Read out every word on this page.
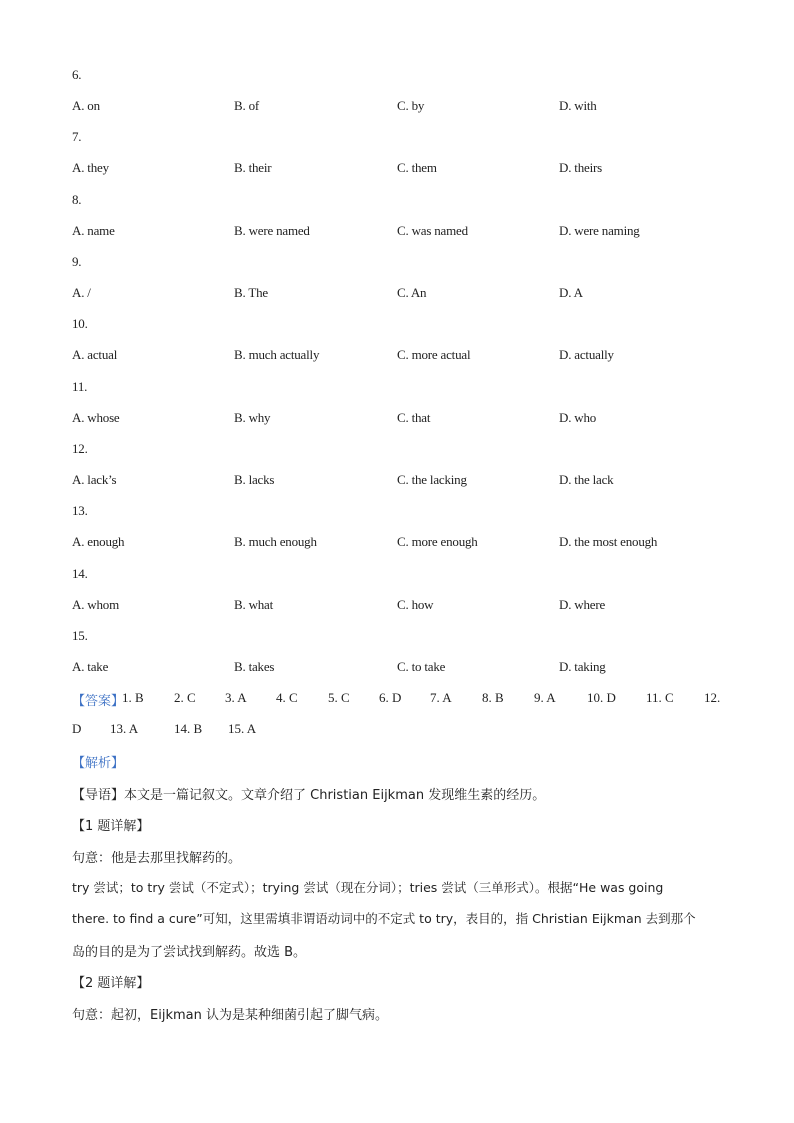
6.
A. on	B. of	C. by	D. with
7.
A. they	B. their	C. them	D. theirs
8.
A. name	B. were named	C. was named	D. were naming
9.
A. /	B. The	C. An	D. A
10.
A. actual	B. much actually	C. more actual	D. actually
11.
A. whose	B. why	C. that	D. who
12.
A. lack’s	B. lacks	C. the lacking	D. the lack
13.
A. enough	B. much enough	C. more enough	D. the most enough
14.
A. whom	B. what	C. how	D. where
15.
A. take	B. takes	C. to take	D. taking
【答案】
1. B 2. C 3. A 4. C 5. C 6. D 7. A 8. B 9. A 10. D 11. C 12.
D 13. A	14. B 15. A
【解析】
【导语】本文是一篇记叙文。文章介绍了 Christian Eijkman 发现维生素的经历。
【1 题详解】
句意：他是去那里找解药的。
try 尝试；to try 尝试（不定式）；trying 尝试（现在分词）；tries 尝试（三单形式）。根据“He was going
there. to find a cure”可知，这里需填非谓语动词中的不定式 to try，表目的，指 Christian Eijkman 去到那个
岛的目的是为了尝试找到解药。故选 B。
【2 题详解】
句意：起初，Eijkman 认为是某种细菌引起了脚气病。
